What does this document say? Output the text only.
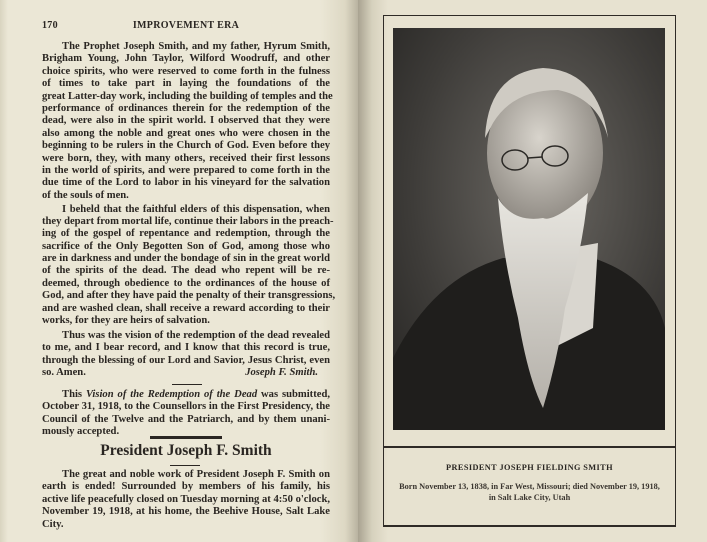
170	IMPROVEMENT ERA
The Prophet Joseph Smith, and my father, Hyrum Smith,
Brigham Young, John Taylor, Wilford Woodruff, and other
choice spirits, who were reserved to come forth in the fulness
of times to take part in laying the foundations of the
great Latter-day work, including the building of temples and the
performance of ordinances therein for the redemption of the
dead, were also in the spirit world. I observed that they were
also among the noble and great ones who were chosen in the
beginning to be rulers in the Church of God. Even before they
were born, they, with many others, received their first lessons
in the world of spirits, and were prepared to come forth in the
due time of the Lord to labor in his vineyard for the salvation
of the souls of men.
I beheld that the faithful elders of this dispensation, when
they depart from mortal life, continue their labors in the preach-
ing of the gospel of repentance and redemption, through the
sacrifice of the Only Begotten Son of God, among those who
are in darkness and under the bondage of sin in the great world
of the spirits of the dead. The dead who repent will be re-
deemed, through obedience to the ordinances of the house of
God, and after they have paid the penalty of their transgressions,
and are washed clean, shall receive a reward according to their
works, for they are heirs of salvation.
Thus was the vision of the redemption of the dead revealed
to me, and I bear record, and I know that this record is true,
through the blessing of our Lord and Savior, Jesus Christ, even
so. Amen.	Joseph F. Smith.
This Vision of the Redemption of the Dead was submitted,
October 31, 1918, to the Counsellors in the First Presidency, the
Council of the Twelve and the Patriarch, and by them unani-
mously accepted.
President Joseph F. Smith
The great and noble work of President Joseph F. Smith on
earth is ended! Surrounded by members of his family, his
active life peacefully closed on Tuesday morning at 4:50 o'clock,
November 19, 1918, at his home, the Beehive House, Salt Lake
City.
PRESIDENT JOSEPH FIELDING SMITH
Born November 13, 1838, in Far West, Missouri; died November 19, 1918,
in Salt Lake City, Utah
